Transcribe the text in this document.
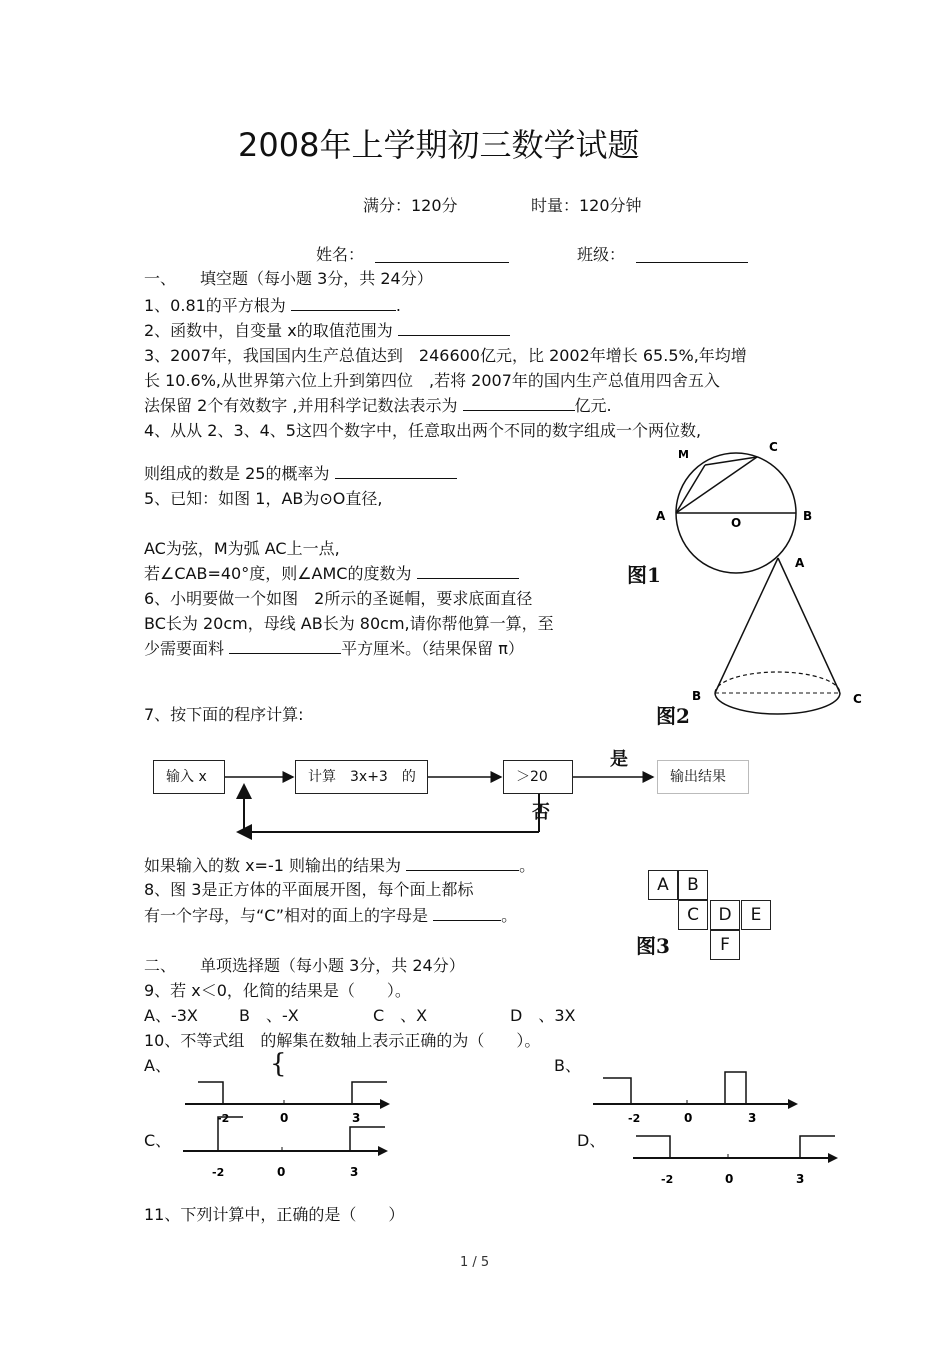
2008年上学期初三数学试题
满分：120分	时量：120分钟
姓名：	班级：
一、　　填空题（每小题 3分，共 24分）
1、0.81的平方根为	.
2、函数中，自变量 x的取值范围为
3、2007年，我国国内生产总值达到　246600亿元，比 2002年增长 65.5%,年均增
长 10.6%,从世界第六位上升到第四位　,若将 2007年的国内生产总值用四舍五入
法保留 2个有效数字 ,并用科学记数法表示为	亿元.
4、从从 2、3、4、5这四个数字中，任意取出两个不同的数字组成一个两位数,
则组成的数是 25的概率为
5、已知：如图 1，AB为⊙O直径,
AC为弦，M为弧 AC上一点,
若∠CAB=40°度，则∠AMC的度数为
6、小明要做一个如图　2所示的圣诞帽，要求底面直径
BC长为 20cm，母线 AB长为 80cm,请你帮他算一算，至
少需要面料	平方厘米。（结果保留 π）
M
C
A	O	B
图1	A
B	C
图2
7、按下面的程序计算:
输入 x	计算　3x+3　的	＞20	输出结果
是
否
如果输入的数 x=-1 则输出的结果为	。
8、图 3是正方体的平面展开图，每个面上都标
有一个字母，与“C”相对的面上的字母是	。
A	B
C	D	E
F
图3
二、　　单项选择题（每小题 3分，共 24分）
9、若 x＜0，化简的结果是（　　）。
A、-3X	B　、-X	C　、X	D　、3X
10、不等式组　的解集在数轴上表示正确的为（　　）。
{
A、	B、
C、	D、
-2	0	3	-2	0	3
-2	0	3
-2	0	3
11、下列计算中，正确的是（　　）
1 / 5
